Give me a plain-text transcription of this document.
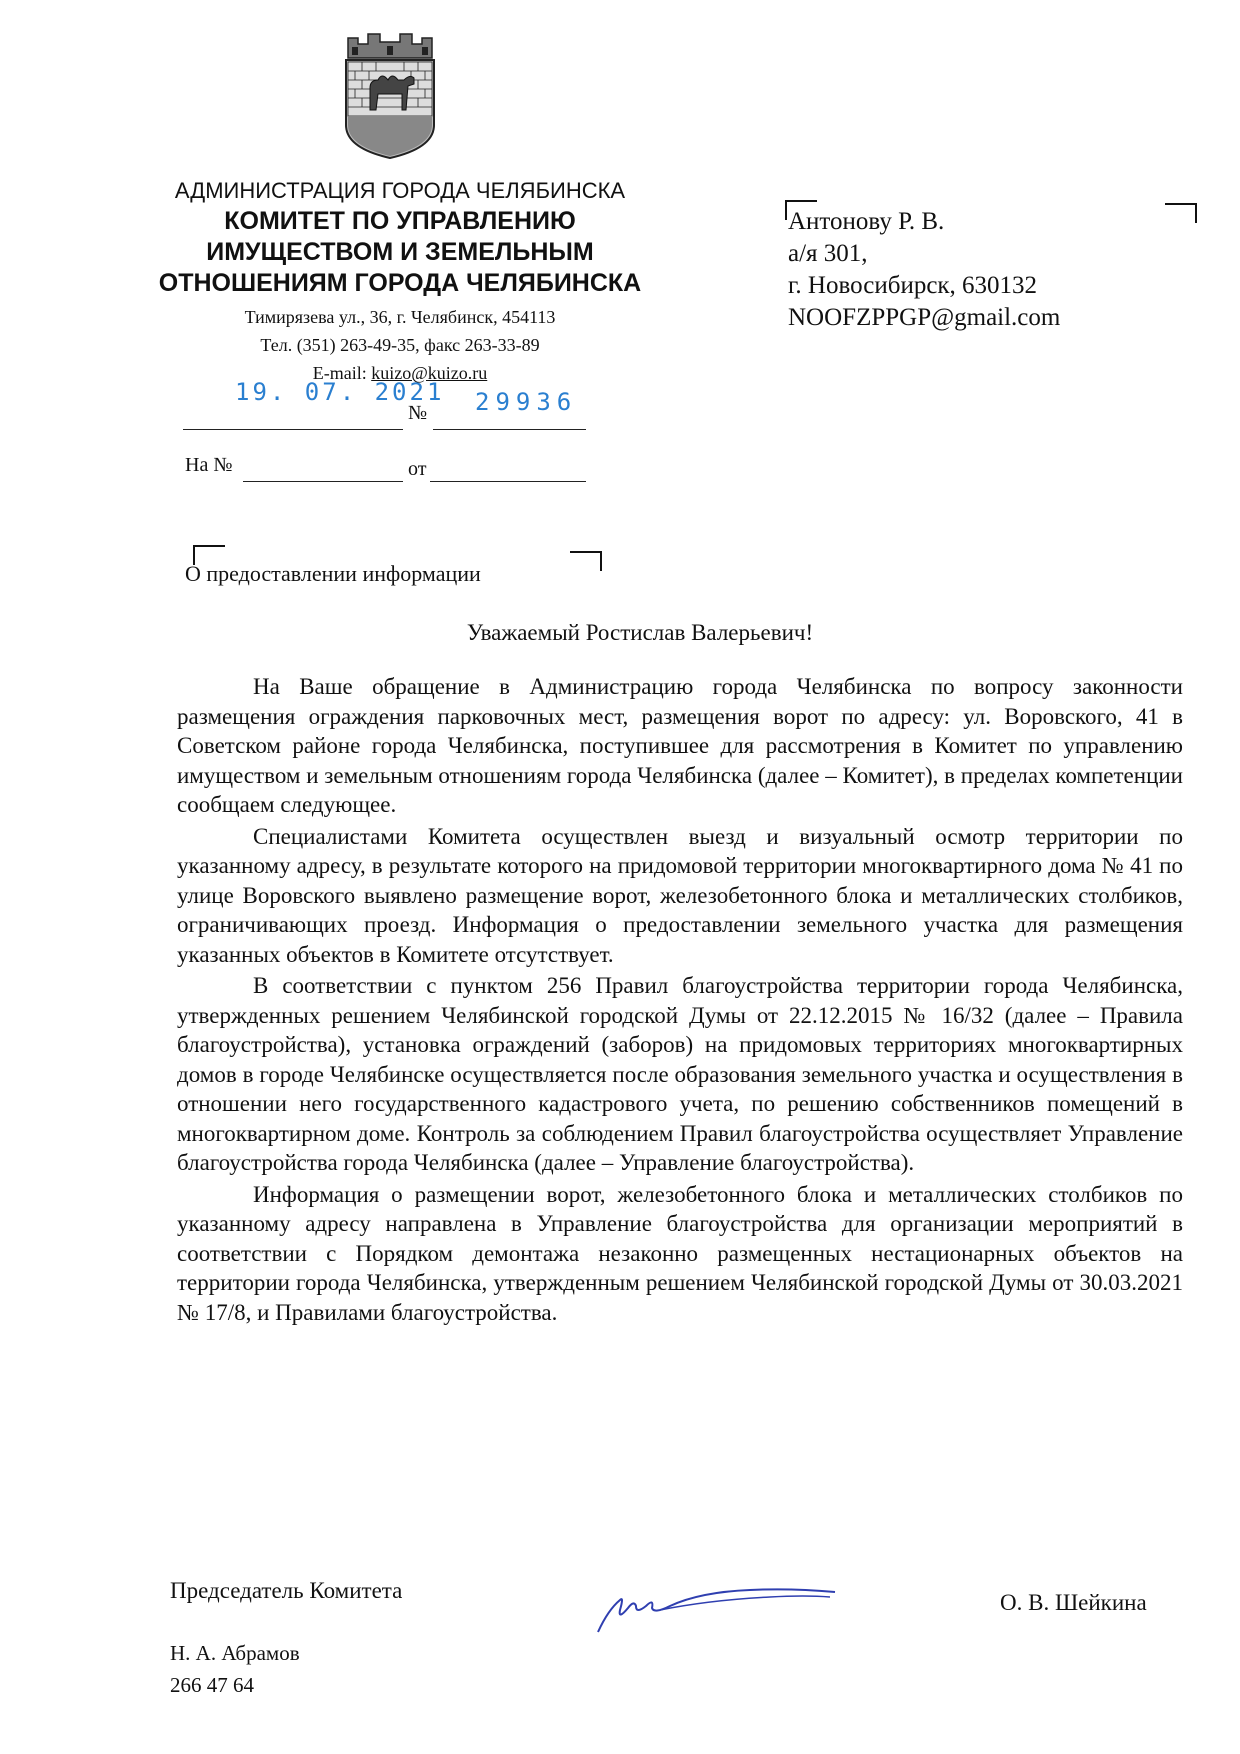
АДМИНИСТРАЦИЯ ГОРОДА ЧЕЛЯБИНСКА
КОМИТЕТ ПО УПРАВЛЕНИЮ
ИМУЩЕСТВОМ И ЗЕМЕЛЬНЫМ
ОТНОШЕНИЯМ ГОРОДА ЧЕЛЯБИНСКА
Тимирязева ул., 36, г. Челябинск, 454113
Тел. (351) 263-49-35, факс 263-33-89
E-mail: kuizo@kuizo.ru
19. 07. 2021 29936
№
На №	от
Антонову Р. В.
а/я 301,
г. Новосибирск, 630132
NOOFZPPGP@gmail.com
О предоставлении информации
Уважаемый Ростислав Валерьевич!

На Ваше обращение в Администрацию города Челябинска по вопросу законности размещения ограждения парковочных мест, размещения ворот по адресу: ул. Воровского, 41 в Советском районе города Челябинска, поступившее для рассмотрения в Комитет по управлению имуществом и земельным отношениям города Челябинска (далее – Комитет), в пределах компетенции сообщаем следующее.

Специалистами Комитета осуществлен выезд и визуальный осмотр территории по указанному адресу, в результате которого на придомовой территории многоквартирного дома № 41 по улице Воровского выявлено размещение ворот, железобетонного блока и металлических столбиков, ограничивающих проезд. Информация о предоставлении земельного участка для размещения указанных объектов в Комитете отсутствует.

В соответствии с пунктом 256 Правил благоустройства территории города Челябинска, утвержденных решением Челябинской городской Думы от 22.12.2015 № 16/32 (далее – Правила благоустройства), установка ограждений (заборов) на придомовых территориях многоквартирных домов в городе Челябинске осуществляется после образования земельного участка и осуществления в отношении него государственного кадастрового учета, по решению собственников помещений в многоквартирном доме. Контроль за соблюдением Правил благоустройства осуществляет Управление благоустройства города Челябинска (далее – Управление благоустройства).

Информация о размещении ворот, железобетонного блока и металлических столбиков по указанному адресу направлена в Управление благоустройства для организации мероприятий в соответствии с Порядком демонтажа незаконно размещенных нестационарных объектов на территории города Челябинска, утвержденным решением Челябинской городской Думы от 30.03.2021 № 17/8, и Правилами благоустройства.

Председатель Комитета	О. В. Шейкина
Н. А. Абрамов
266 47 64
